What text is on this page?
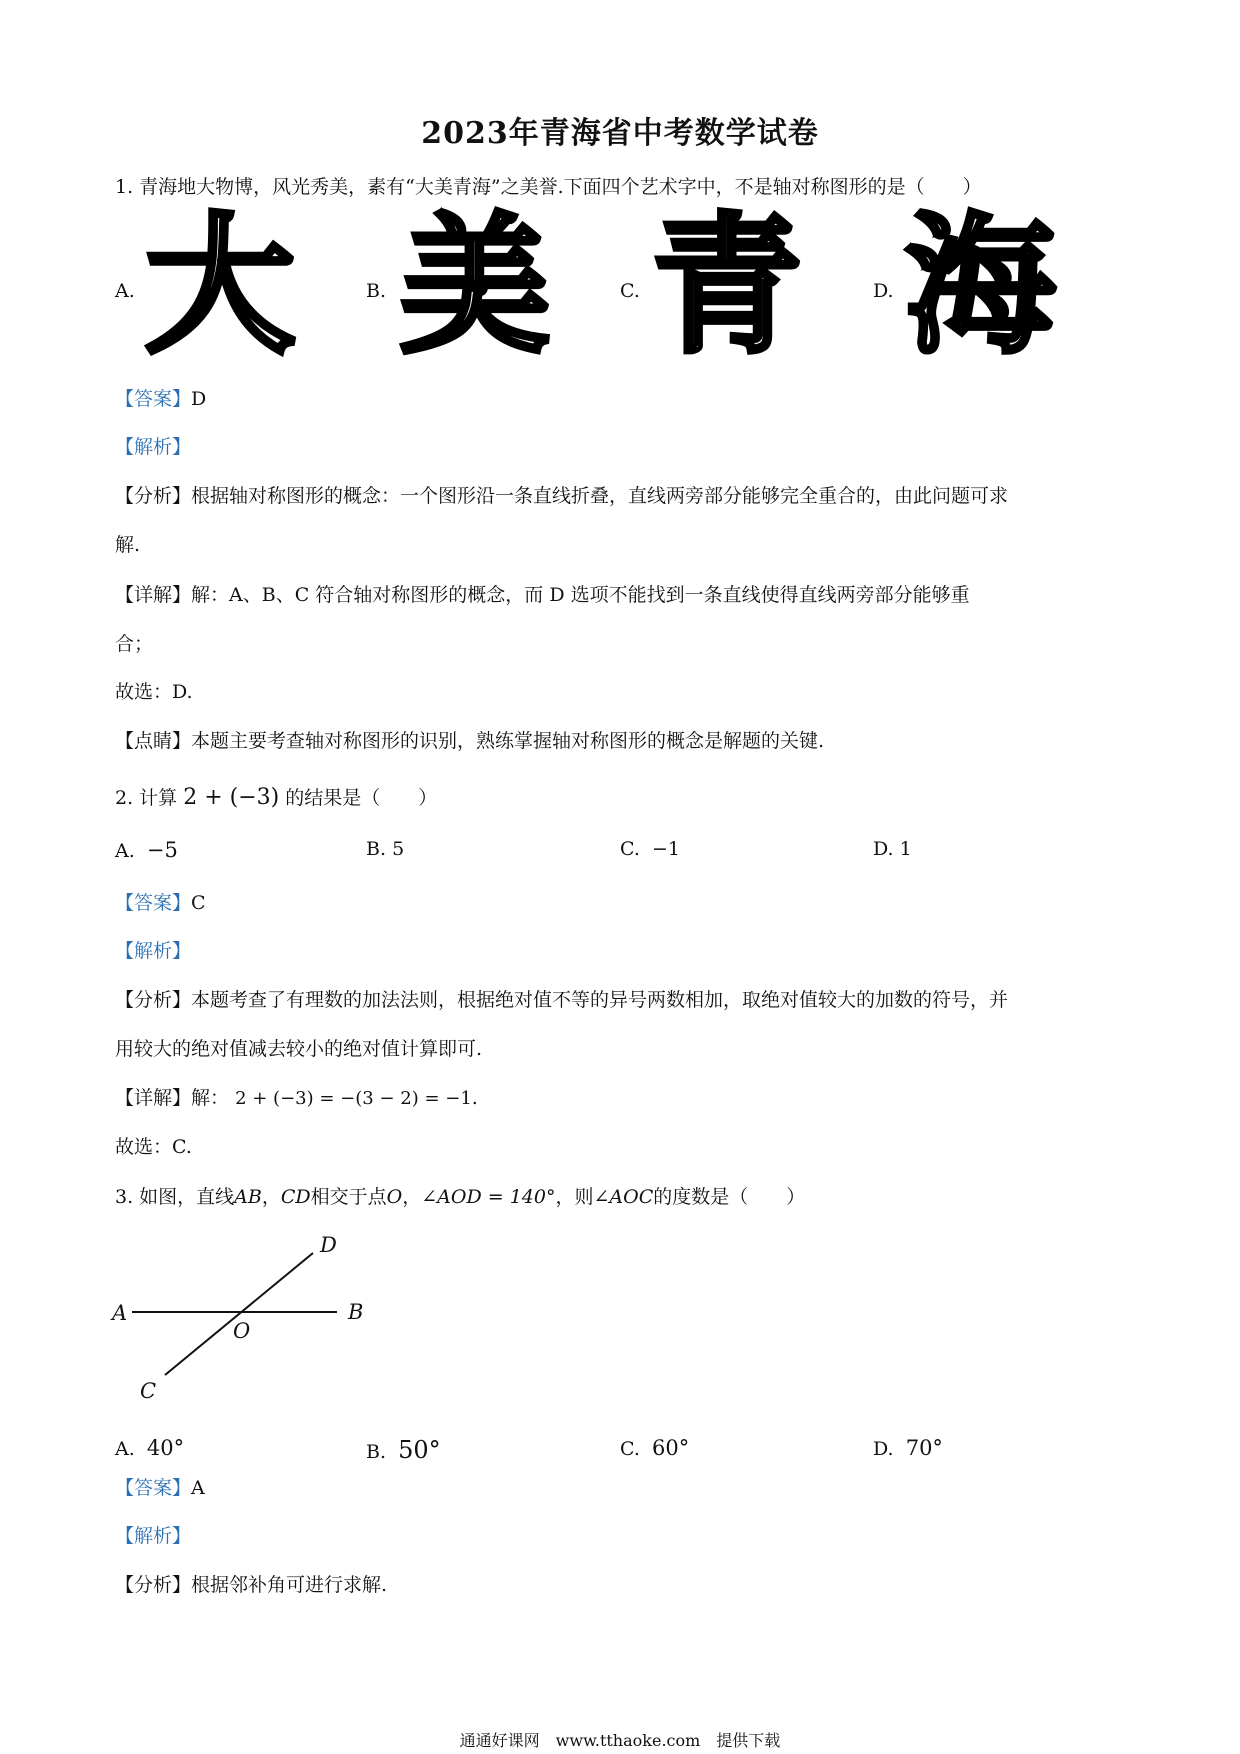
2023年青海省中考数学试卷
1. 青海地大物博，风光秀美，素有“大美青海”之美誉.下面四个艺术字中，不是轴对称图形的是（　　）
A. 大	B. 美	C. 青	D. 海
【答案】D
【解析】
【分析】根据轴对称图形的概念：一个图形沿一条直线折叠，直线两旁部分能够完全重合的，由此问题可求
解.
【详解】解：A、B、C 符合轴对称图形的概念，而 D 选项不能找到一条直线使得直线两旁部分能够重
合；
故选：D.
【点睛】本题主要考查轴对称图形的识别，熟练掌握轴对称图形的概念是解题的关键.
2. 计算 2 + (−3) 的结果是（　　）
A. −5	B. 5	C. −1	D. 1
【答案】C
【解析】
【分析】本题考查了有理数的加法法则，根据绝对值不等的异号两数相加，取绝对值较大的加数的符号，并
用较大的绝对值减去较小的绝对值计算即可.
【详解】解： 2 + (−3) = −(3 − 2) = −1.
故选：C.
3. 如图，直线AB，CD相交于点O，∠AOD = 140°，则∠AOC的度数是（　　）
A	B
C
D
O
A. 40°	B. 50°	C. 60°	D. 70°
【答案】A
【解析】
【分析】根据邻补角可进行求解.
通通好课网　www.tthaoke.com　提供下载
